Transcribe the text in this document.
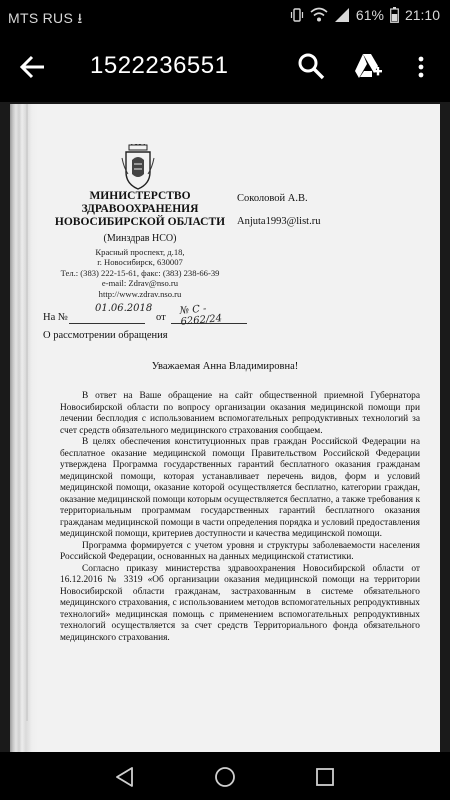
MTS RUS ⭳	61% 21:10
1522236551
МИНИСТЕРСТВО
ЗДРАВООХРАНЕНИЯ
НОВОСИБИРСКОЙ ОБЛАСТИ
(Минздрав НСО)
Красный проспект, д.18,
г. Новосибирск, 630007
Тел.: (383) 222-15-61, факс: (383) 238-66-39
e-mail: Zdrav@nso.ru
http://www.zdrav.nso.ru
Соколовой А.В.
Anjuta1993@list.ru
На №
01.06.2018
от
№ С - 6262/24
О рассмотрении обращения
Уважаемая Анна Владимировна!

В ответ на Ваше обращение на сайт общественной приемной Губернатора Новосибирской области по вопросу организации оказания медицинской помощи при лечении бесплодия с использованием вспомогательных репродуктивных технологий за счет средств обязательного медицинского страхования сообщаем.

В целях обеспечения конституционных прав граждан Российской Федерации на бесплатное оказание медицинской помощи Правительством Российской Федерации утверждена Программа государственных гарантий бесплатного оказания гражданам медицинской помощи, которая устанавливает перечень видов, форм и условий медицинской помощи, оказание которой осуществляется бесплатно, категории граждан, оказание медицинской помощи которым осуществляется бесплатно, а также требования к территориальным программам государственных гарантий бесплатного оказания гражданам медицинской помощи в части определения порядка и условий предоставления медицинской помощи, критериев доступности и качества медицинской помощи.

Программа формируется с учетом уровня и структуры заболеваемости населения Российской Федерации, основанных на данных медицинской статистики.

Согласно приказу министерства здравоохранения Новосибирской области от 16.12.2016 № 3319 «Об организации оказания медицинской помощи на территории Новосибирской области гражданам, застрахованным в системе обязательного медицинского страхования, с использованием методов вспомогательных репродуктивных технологий» медицинская помощь с применением вспомогательных репродуктивных технологий осуществляется за счет средств Территориального фонда обязательного медицинского страхования.
